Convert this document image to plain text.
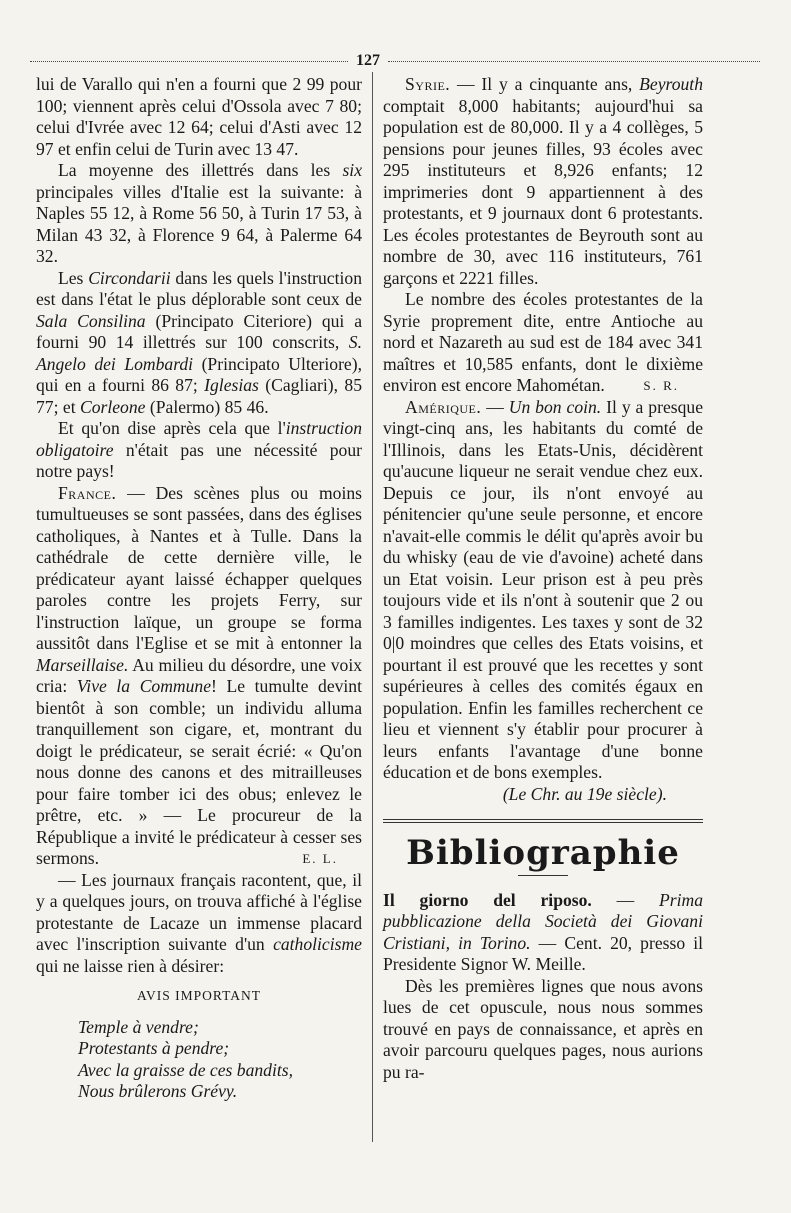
127

lui de Varallo qui n'en a fourni que 2 99 pour 100; viennent après celui d'Ossola avec 7 80; celui d'Ivrée avec 12 64; celui d'Asti avec 12 97 et enfin celui de Turin avec 13 47.

La moyenne des illettrés dans les six principales villes d'Italie est la suivante: à Naples 55 12, à Rome 56 50, à Turin 17 53, à Milan 43 32, à Florence 9 64, à Palerme 64 32.

Les Circondarii dans les quels l'instruction est dans l'état le plus déplorable sont ceux de Sala Consilina (Principato Citeriore) qui a fourni 90 14 illettrés sur 100 conscrits, S. Angelo dei Lombardi (Principato Ulteriore), qui en a fourni 86 87; Iglesias (Cagliari), 85 77; et Corleone (Palermo) 85 46.

Et qu'on dise après cela que l'instruction obligatoire n'était pas une nécessité pour notre pays!

France. — Des scènes plus ou moins tumultueuses se sont passées, dans des églises catholiques, à Nantes et à Tulle. Dans la cathédrale de cette dernière ville, le prédicateur ayant laissé échapper quelques paroles contre les projets Ferry, sur l'instruction laïque, un groupe se forma aussitôt dans l'Eglise et se mit à entonner la Marseillaise. Au milieu du désordre, une voix cria: Vive la Commune! Le tumulte devint bientôt à son comble; un individu alluma tranquillement son cigare, et, montrant du doigt le prédicateur, se serait écrié: « Qu'on nous donne des canons et des mitrailleuses pour faire tomber ici des obus; enlevez le prêtre, etc. » — Le procureur de la République a invité le prédicateur à cesser ses sermons.	E. L.

— Les journaux français racontent, que, il y a quelques jours, on trouva affiché à l'église protestante de Lacaze un immense placard avec l'inscription suivante d'un catholicisme qui ne laisse rien à désirer:

AVIS IMPORTANT
Temple à vendre;
Protestants à pendre;
Avec la graisse de ces bandits,
Nous brûlerons Grévy.

Syrie. — Il y a cinquante ans, Beyrouth comptait 8,000 habitants; aujourd'hui sa population est de 80,000. Il y a 4 collèges, 5 pensions pour jeunes filles, 93 écoles avec 295 instituteurs et 8,926 enfants; 12 imprimeries dont 9 appartiennent à des protestants, et 9 journaux dont 6 protestants. Les écoles protestantes de Beyrouth sont au nombre de 30, avec 116 instituteurs, 761 garçons et 2221 filles.

Le nombre des écoles protestantes de la Syrie proprement dite, entre Antioche au nord et Nazareth au sud est de 184 avec 341 maîtres et 10,585 enfants, dont le dixième environ est encore Mahométan.	S. R.

Amérique. — Un bon coin. Il y a presque vingt-cinq ans, les habitants du comté de l'Illinois, dans les Etats-Unis, décidèrent qu'aucune liqueur ne serait vendue chez eux. Depuis ce jour, ils n'ont envoyé au pénitencier qu'une seule personne, et encore n'avait-elle commis le délit qu'après avoir bu du whisky (eau de vie d'avoine) acheté dans un Etat voisin. Leur prison est à peu près toujours vide et ils n'ont à soutenir que 2 ou 3 familles indigentes. Les taxes y sont de 32 0|0 moindres que celles des Etats voisins, et pourtant il est prouvé que les recettes y sont supérieures à celles des comités égaux en population. Enfin les familles recherchent ce lieu et viennent s'y établir pour procurer à leurs enfants l'avantage d'une bonne éducation et de bons exemples.

(Le Chr. au 19e siècle).

Bibliographie

Il giorno del riposo. — Prima pubblicazione della Società dei Giovani Cristiani, in Torino. — Cent. 20, presso il Presidente Signor W. Meille.

Dès les premières lignes que nous avons lues de cet opuscule, nous nous sommes trouvé en pays de connaissance, et après en avoir parcouru quelques pages, nous aurions pu ra-
